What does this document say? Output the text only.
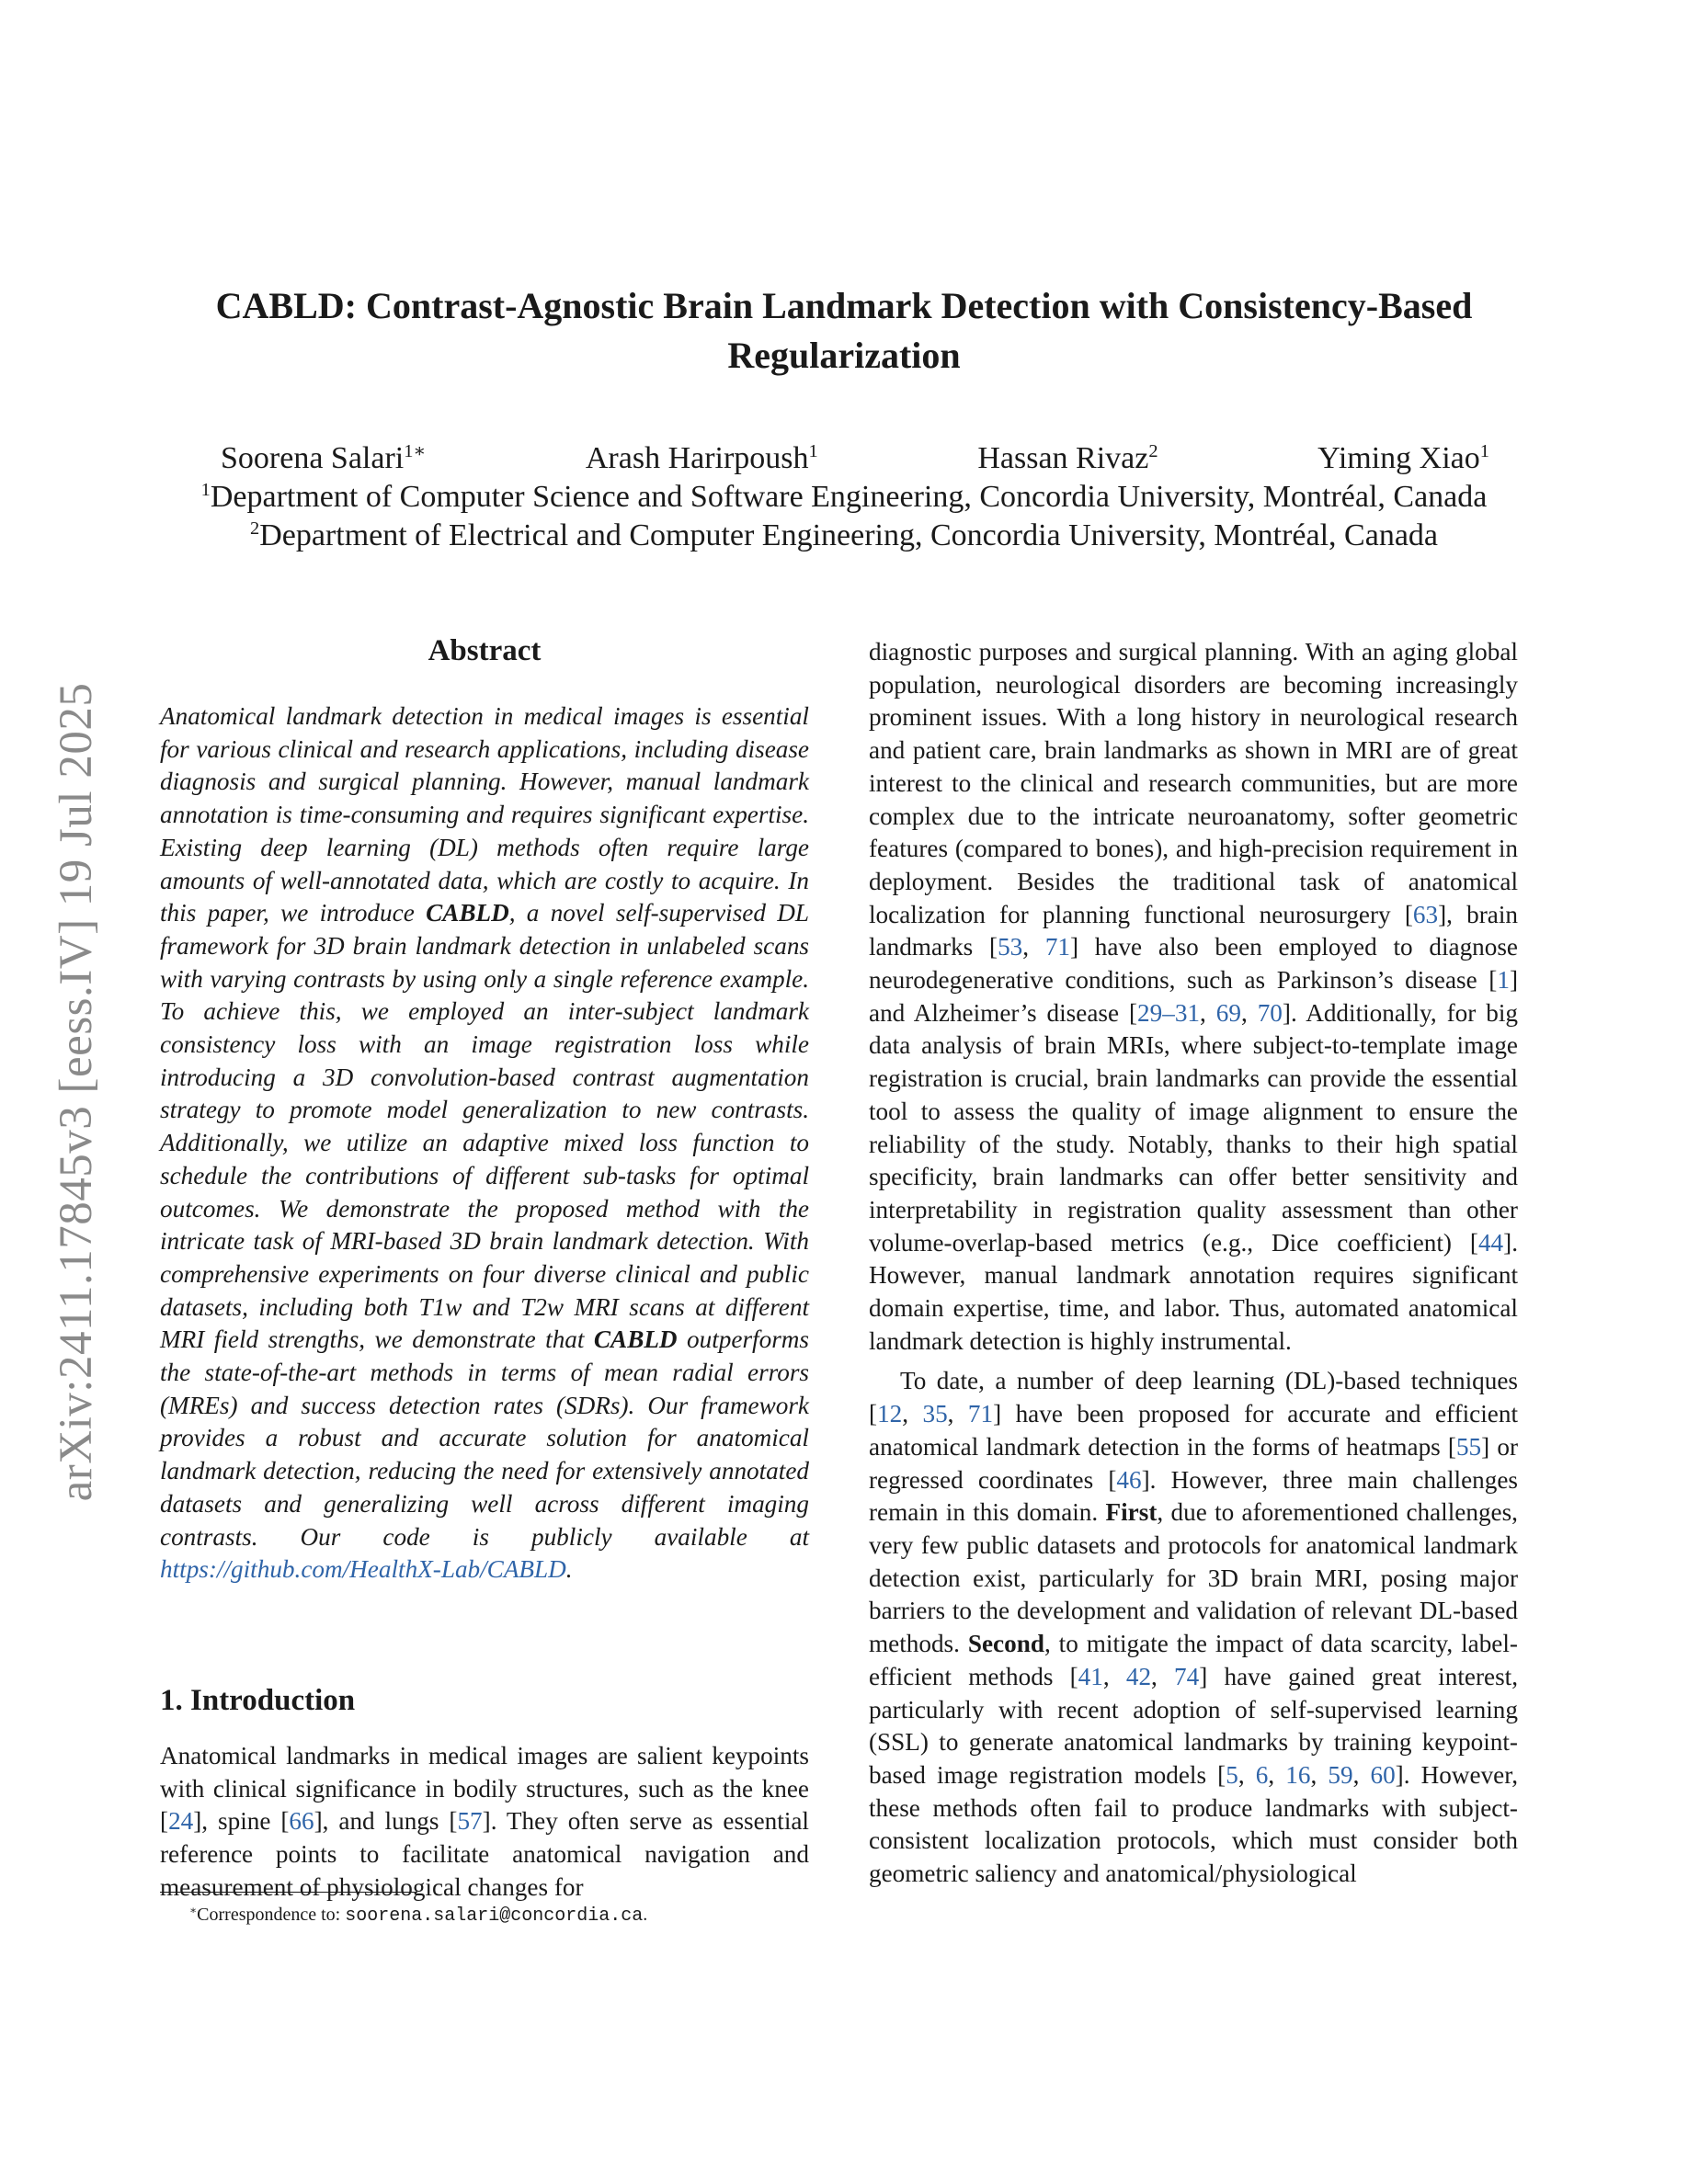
arXiv:2411.17845v3 [eess.IV] 19 Jul 2025
CABLD: Contrast-Agnostic Brain Landmark Detection with Consistency-Based
Regularization
Soorena Salari$^{1∗}$	Arash Harirpoush$^1$	Hassan Rivaz$^2$	Yiming Xiao$^1$
$^1$Department of Computer Science and Software Engineering, Concordia University, Montréal, Canada
$^2$Department of Electrical and Computer Engineering, Concordia University, Montréal, Canada
Abstract
Anatomical landmark detection in medical images is essential for various clinical and research applications, including disease diagnosis and surgical planning. However, manual landmark annotation is time-consuming and requires significant expertise. Existing deep learning (DL) methods often require large amounts of well-annotated data, which are costly to acquire. In this paper, we introduce CABLD, a novel self-supervised DL framework for 3D brain landmark detection in unlabeled scans with varying contrasts by using only a single reference example. To achieve this, we employed an inter-subject landmark consistency loss with an image registration loss while introducing a 3D convolution-based contrast augmentation strategy to promote model generalization to new contrasts. Additionally, we utilize an adaptive mixed loss function to schedule the contributions of different sub-tasks for optimal outcomes. We demonstrate the proposed method with the intricate task of MRI-based 3D brain landmark detection. With comprehensive experiments on four diverse clinical and public datasets, including both T1w and T2w MRI scans at different MRI field strengths, we demonstrate that CABLD outperforms the state-of-the-art methods in terms of mean radial errors (MREs) and success detection rates (SDRs). Our framework provides a robust and accurate solution for anatomical landmark detection, reducing the need for extensively annotated datasets and generalizing well across different imaging contrasts. Our code is publicly available at https://github.com/HealthX-Lab/CABLD.
1. Introduction
Anatomical landmarks in medical images are salient keypoints with clinical significance in bodily structures, such as the knee [24], spine [66], and lungs [57]. They often serve as essential reference points to facilitate anatomical navigation and measurement of physiological changes for
∗Correspondence to: soorena.salari@concordia.ca.

diagnostic purposes and surgical planning. With an aging global population, neurological disorders are becoming increasingly prominent issues. With a long history in neurological research and patient care, brain landmarks as shown in MRI are of great interest to the clinical and research communities, but are more complex due to the intricate neuroanatomy, softer geometric features (compared to bones), and high-precision requirement in deployment. Besides the traditional task of anatomical localization for planning functional neurosurgery [63], brain landmarks [53, 71] have also been employed to diagnose neurodegenerative conditions, such as Parkinson’s disease [1] and Alzheimer’s disease [29–31, 69, 70]. Additionally, for big data analysis of brain MRIs, where subject-to-template image registration is crucial, brain landmarks can provide the essential tool to assess the quality of image alignment to ensure the reliability of the study. Notably, thanks to their high spatial specificity, brain landmarks can offer better sensitivity and interpretability in registration quality assessment than other volume-overlap-based metrics (e.g., Dice coefficient) [44]. However, manual landmark annotation requires significant domain expertise, time, and labor. Thus, automated anatomical landmark detection is highly instrumental.

To date, a number of deep learning (DL)-based techniques [12, 35, 71] have been proposed for accurate and efficient anatomical landmark detection in the forms of heatmaps [55] or regressed coordinates [46]. However, three main challenges remain in this domain. First, due to aforementioned challenges, very few public datasets and protocols for anatomical landmark detection exist, particularly for 3D brain MRI, posing major barriers to the development and validation of relevant DL-based methods. Second, to mitigate the impact of data scarcity, label-efficient methods [41, 42, 74] have gained great interest, particularly with recent adoption of self-supervised learning (SSL) to generate anatomical landmarks by training keypoint-based image registration models [5, 6, 16, 59, 60]. However, these methods often fail to produce landmarks with subject-consistent localization protocols, which must consider both geometric saliency and anatomical/physiological
